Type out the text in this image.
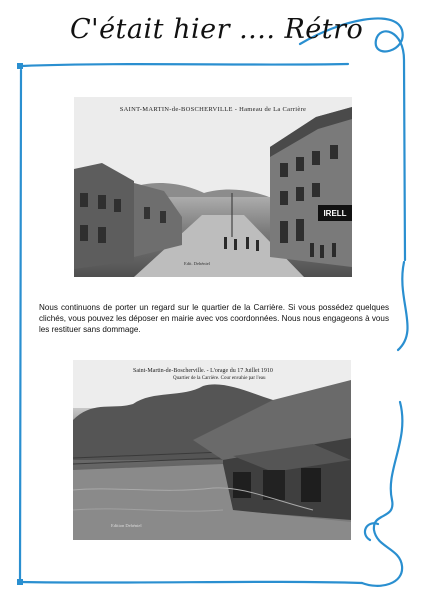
C'était hier .... Rétro
SAINT-MARTIN-de-BOSCHERVILLE - Hameau de La Carrière
IRELL
Edit. Dehéniel
Nous continuons de porter un regard sur le quartier de la Carrière. Si vous possédez quelques clichés, vous pouvez les déposer en mairie avec vos coordonnées. Nous nous engageons à vous les restituer sans dommage.
Saint-Martin-de-Boscherville. - L'orage du 17 Juillet 1910
Quartier de la Carrière. Cour envahie par l'eau
Edition Dehéniel
